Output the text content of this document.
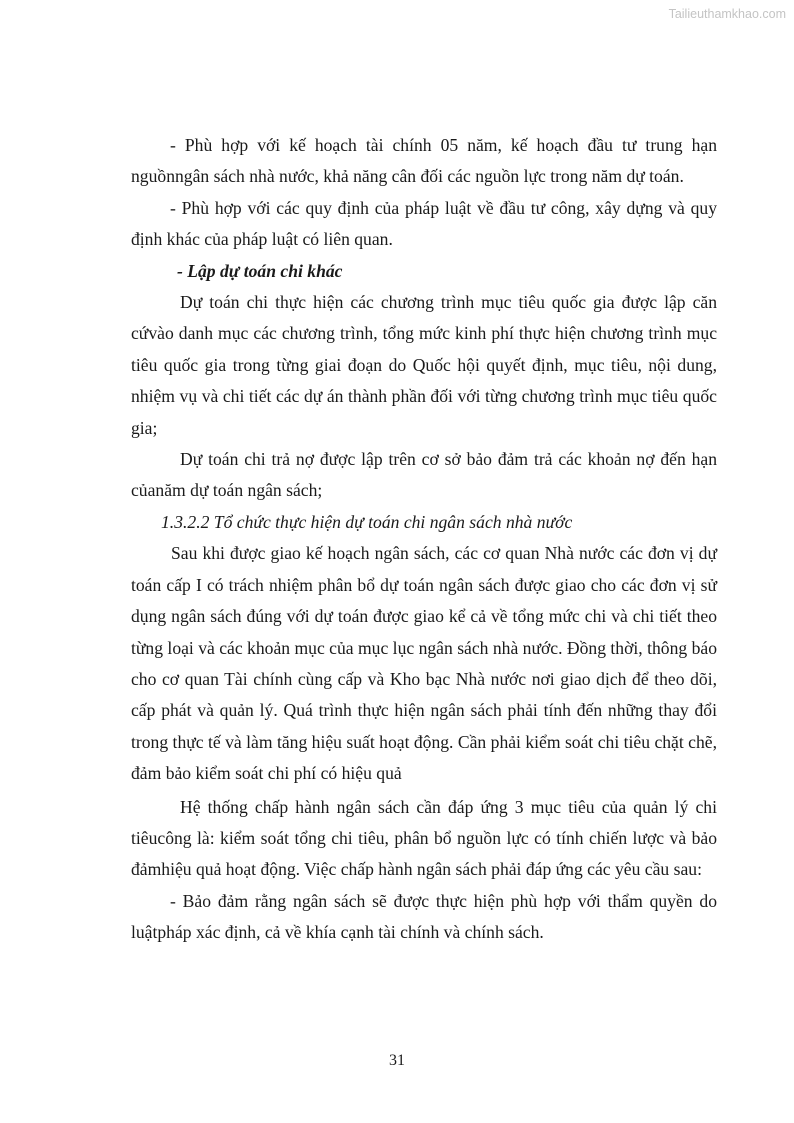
Tailieuthamkhao.com

- Phù hợp với kế hoạch tài chính 05 năm, kế hoạch đầu tư trung hạn nguồnngân sách nhà nước, khả năng cân đối các nguồn lực trong năm dự toán.

- Phù hợp với các quy định của pháp luật về đầu tư công, xây dựng và quy định khác của pháp luật có liên quan.

- Lập dự toán chi khác

Dự toán chi thực hiện các chương trình mục tiêu quốc gia được lập căn cứvào danh mục các chương trình, tổng mức kinh phí thực hiện chương trình mục tiêu quốc gia trong từng giai đoạn do Quốc hội quyết định, mục tiêu, nội dung, nhiệm vụ và chi tiết các dự án thành phần đối với từng chương trình mục tiêu quốc gia;

Dự toán chi trả nợ được lập trên cơ sở bảo đảm trả các khoản nợ đến hạn củanăm dự toán ngân sách;

1.3.2.2 Tổ chức thực hiện dự toán chi ngân sách nhà nước

Sau khi được giao kế hoạch ngân sách, các cơ quan Nhà nước các đơn vị dự toán cấp I có trách nhiệm phân bổ dự toán ngân sách được giao cho các đơn vị sử dụng ngân sách đúng với dự toán được giao kể cả về tổng mức chi và chi tiết theo từng loại và các khoản mục của mục lục ngân sách nhà nước. Đồng thời, thông báo cho cơ quan Tài chính cùng cấp và Kho bạc Nhà nước nơi giao dịch để theo dõi, cấp phát và quản lý. Quá trình thực hiện ngân sách phải tính đến những thay đổi trong thực tế và làm tăng hiệu suất hoạt động. Cần phải kiểm soát chi tiêu chặt chẽ, đảm bảo kiểm soát chi phí có hiệu quả

Hệ thống chấp hành ngân sách cần đáp ứng 3 mục tiêu của quản lý chi tiêucông là: kiểm soát tổng chi tiêu, phân bổ nguồn lực có tính chiến lược và bảo đảmhiệu quả hoạt động. Việc chấp hành ngân sách phải đáp ứng các yêu cầu sau:

- Bảo đảm rằng ngân sách sẽ được thực hiện phù hợp với thẩm quyền do luậtpháp xác định, cả về khía cạnh tài chính và chính sách.

31
